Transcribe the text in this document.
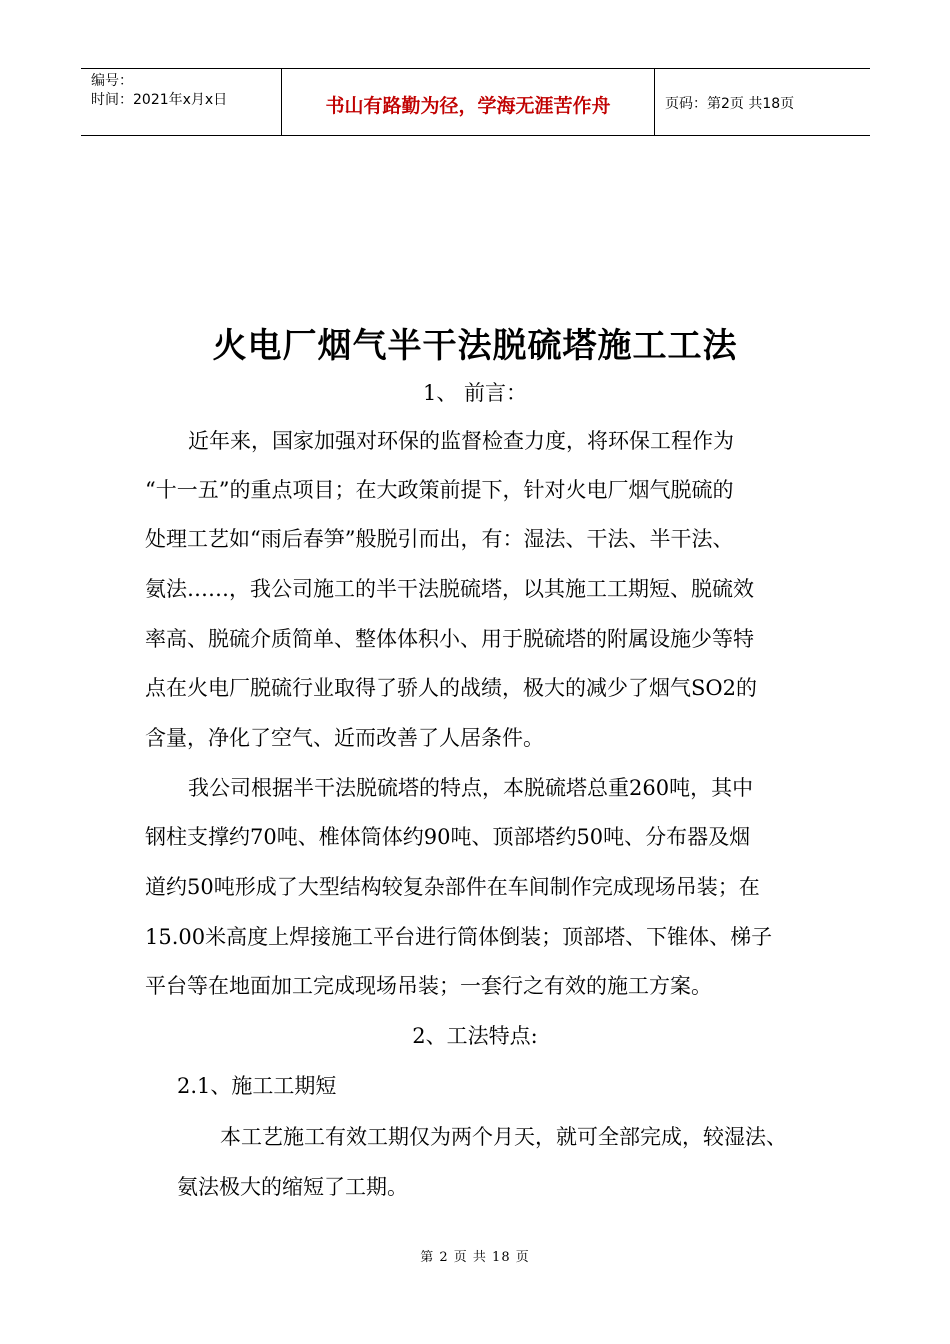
编号：
时间：2021年x月x日	书山有路勤为径，学海无涯苦作舟	页码：第2页 共18页
火电厂烟气半干法脱硫塔施工工法
1、 前言：
近年来，国家加强对环保的监督检查力度，将环保工程作为
“十一五”的重点项目；在大政策前提下，针对火电厂烟气脱硫的
处理工艺如“雨后春笋”般脱引而出，有：湿法、干法、半干法、
氨法……，我公司施工的半干法脱硫塔，以其施工工期短、脱硫效
率高、脱硫介质简单、整体体积小、用于脱硫塔的附属设施少等特
点在火电厂脱硫行业取得了骄人的战绩，极大的减少了烟气SO2的
含量，净化了空气、近而改善了人居条件。
我公司根据半干法脱硫塔的特点，本脱硫塔总重260吨，其中
钢柱支撑约70吨、椎体筒体约90吨、顶部塔约50吨、分布器及烟
道约50吨形成了大型结构较复杂部件在车间制作完成现场吊装；在
15.00米高度上焊接施工平台进行筒体倒装；顶部塔、下锥体、梯子
平台等在地面加工完成现场吊装；一套行之有效的施工方案。
2、工法特点:
2.1、施工工期短
本工艺施工有效工期仅为两个月天，就可全部完成，较湿法、
氨法极大的缩短了工期。
第 2 页 共 18 页
